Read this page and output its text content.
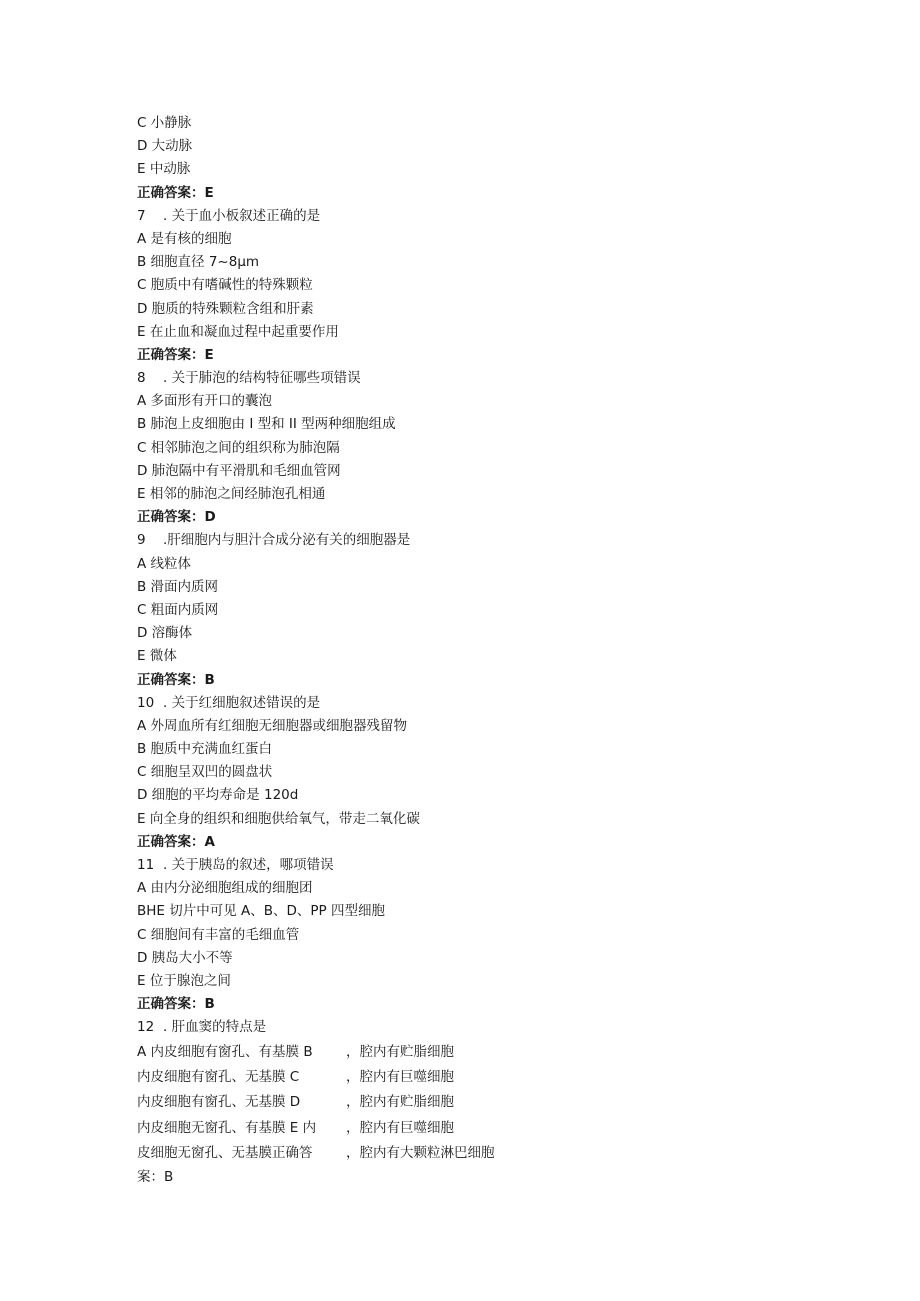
C 小静脉
D 大动脉
E 中动脉
正确答案：E
7 . 关于血小板叙述正确的是
A 是有核的细胞
B 细胞直径 7~8μm
C 胞质中有嗜碱性的特殊颗粒
D 胞质的特殊颗粒含组和肝素
E 在止血和凝血过程中起重要作用
正确答案：E
8 . 关于肺泡的结构特征哪些项错误
A 多面形有开口的囊泡
B 肺泡上皮细胞由 I 型和 II 型两种细胞组成
C 相邻肺泡之间的组织称为肺泡隔
D 肺泡隔中有平滑肌和毛细血管网
E 相邻的肺泡之间经肺泡孔相通
正确答案：D
9 .肝细胞内与胆汁合成分泌有关的细胞器是
A 线粒体
B 滑面内质网
C 粗面内质网
D 溶酶体
E 微体
正确答案：B
10 . 关于红细胞叙述错误的是
A 外周血所有红细胞无细胞器或细胞器残留物
B 胞质中充满血红蛋白
C 细胞呈双凹的圆盘状
D 细胞的平均寿命是 120d
E 向全身的组织和细胞供给氧气，带走二氧化碳
正确答案：A
11 . 关于胰岛的叙述，哪项错误
A 由内分泌细胞组成的细胞团
BHE 切片中可见 A、B、D、PP 四型细胞
C 细胞间有丰富的毛细血管
D 胰岛大小不等
E 位于腺泡之间
正确答案：B
12 . 肝血窦的特点是
A 内皮细胞有窗孔、有基膜 B ，腔内有贮脂细胞
内皮细胞有窗孔、无基膜 C	，腔内有巨噬细胞
内皮细胞有窗孔、无基膜 D	，腔内有贮脂细胞
内皮细胞无窗孔、有基膜 E 内 ，腔内有巨噬细胞
皮细胞无窗孔、无基膜正确答 ，腔内有大颗粒淋巴细胞
案：B
